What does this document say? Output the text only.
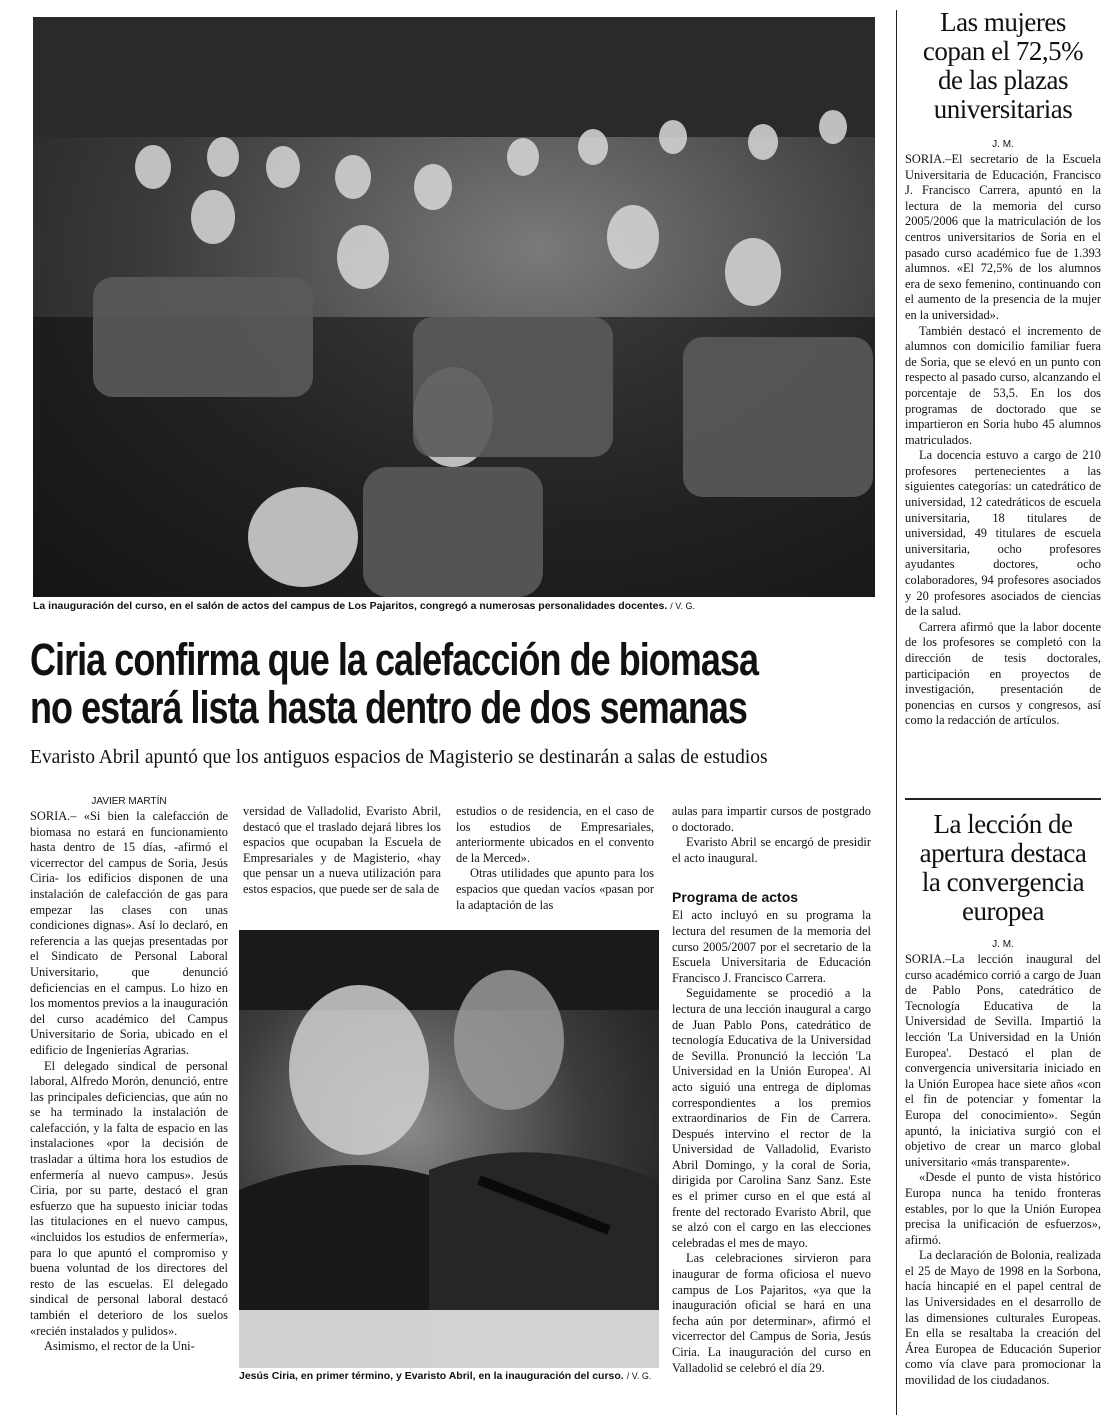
La inauguración del curso, en el salón de actos del campus de Los Pajaritos, congregó a numerosas personalidades docentes. / V. G.
Ciria confirma que la calefacción de biomasa
no estará lista hasta dentro de dos semanas
Evaristo Abril apuntó que los antiguos espacios de Magisterio se destinarán a salas de estudios
JAVIER MARTÍN

SORIA.– «Si bien la calefacción de biomasa no estará en funcionamiento hasta dentro de 15 días, -afirmó el vicerrector del campus de Soria, Jesús Ciria- los edificios disponen de una instalación de calefacción de gas para empezar las clases con unas condiciones dignas». Así lo declaró, en referencia a las quejas presentadas por el Sindicato de Personal Laboral Universitario, que denunció deficiencias en el campus. Lo hizo en los momentos previos a la inauguración del curso académico del Campus Universitario de Soria, ubicado en el edificio de Ingenierías Agrarias.

El delegado sindical de personal laboral, Alfredo Morón, denunció, entre las principales deficiencias, que aún no se ha terminado la instalación de calefacción, y la falta de espacio en las instalaciones «por la decisión de trasladar a última hora los estudios de enfermería al nuevo campus». Jesús Ciria, por su parte, destacó el gran esfuerzo que ha supuesto iniciar todas las titulaciones en el nuevo campus, «incluidos los estudios de enfermería», para lo que apuntó el compromiso y buena voluntad de los directores del resto de las escuelas. El delegado sindical de personal laboral destacó también el deterioro de los suelos «recién instalados y pulidos».

Asimismo, el rector de la Uni-

versidad de Valladolid, Evaristo Abril, destacó que el traslado dejará libres los espacios que ocupaban la Escuela de Empresariales y de Magisterio, «hay que pensar un a nueva utilización para estos espacios, que puede ser de sala de

estudios o de residencia, en el caso de los estudios de Empresariales, anteriormente ubicados en el convento de la Merced».

Otras utilidades que apunto para los espacios que quedan vacíos «pasan por la adaptación de las

Jesús Ciria, en primer término, y Evaristo Abril, en la inauguración del curso. / V. G.

aulas para impartir cursos de postgrado o doctorado.

Evaristo Abril se encargó de presidir el acto inaugural.

Programa de actos

El acto incluyó en su programa la lectura del resumen de la memoria del curso 2005/2007 por el secretario de la Escuela Universitaria de Educación Francisco J. Francisco Carrera.

Seguidamente se procedió a la lectura de una lección inaugural a cargo de Juan Pablo Pons, catedrático de tecnología Educativa de la Universidad de Sevilla. Pronunció la lección 'La Universidad en la Unión Europea'. Al acto siguió una entrega de diplomas correspondientes a los premios extraordinarios de Fin de Carrera. Después intervino el rector de la Universidad de Valladolid, Evaristo Abril Domingo, y la coral de Soria, dirigida por Carolina Sanz Sanz. Este es el primer curso en el que está al frente del rectorado Evaristo Abril, que se alzó con el cargo en las elecciones celebradas el mes de mayo.

Las celebraciones sirvieron para inaugurar de forma oficiosa el nuevo campus de Los Pajaritos, «ya que la inauguración oficial se hará en una fecha aún por determinar», afirmó el vicerrector del Campus de Soria, Jesús Ciria. La inauguración del curso en Valladolid se celebró el día 29.

Las mujeres
copan el 72,5%
de las plazas
universitarias
J. M.

SORIA.–El secretario de la Escuela Universitaria de Educación, Francisco J. Francisco Carrera, apuntó en la lectura de la memoria del curso 2005/2006 que la matriculación de los centros universitarios de Soria en el pasado curso académico fue de 1.393 alumnos. «El 72,5% de los alumnos era de sexo femenino, continuando con el aumento de la presencia de la mujer en la universidad».

También destacó el incremento de alumnos con domicilio familiar fuera de Soria, que se elevó en un punto con respecto al pasado curso, alcanzando el porcentaje de 53,5. En los dos programas de doctorado que se impartieron en Soria hubo 45 alumnos matriculados.

La docencia estuvo a cargo de 210 profesores pertenecientes a las siguientes categorías: un catedrático de universidad, 12 catedráticos de escuela universitaria, 18 titulares de universidad, 49 titulares de escuela universitaria, ocho profesores ayudantes doctores, ocho colaboradores, 94 profesores asociados y 20 profesores asociados de ciencias de la salud.

Carrera afirmó que la labor docente de los profesores se completó con la dirección de tesis doctorales, participación en proyectos de investigación, presentación de ponencias en cursos y congresos, así como la redacción de artículos.

La lección de
apertura destaca
la convergencia
europea
J. M.

SORIA.–La lección inaugural del curso académico corrió a cargo de Juan de Pablo Pons, catedrático de Tecnología Educativa de la Universidad de Sevilla. Impartió la lección 'La Universidad en la Unión Europea'. Destacó el plan de convergencia universitaria iniciado en la Unión Europea hace siete años «con el fin de potenciar y fomentar la Europa del conocimiento». Según apuntó, la iniciativa surgió con el objetivo de crear un marco global universitario «más transparente».

«Desde el punto de vista histórico Europa nunca ha tenido fronteras estables, por lo que la Unión Europea precisa la unificación de esfuerzos», afirmó.

La declaración de Bolonia, realizada el 25 de Mayo de 1998 en la Sorbona, hacía hincapié en el papel central de las Universidades en el desarrollo de las dimensiones culturales Europeas. En ella se resaltaba la creación del Área Europea de Educación Superior como vía clave para promocionar la movilidad de los ciudadanos.
